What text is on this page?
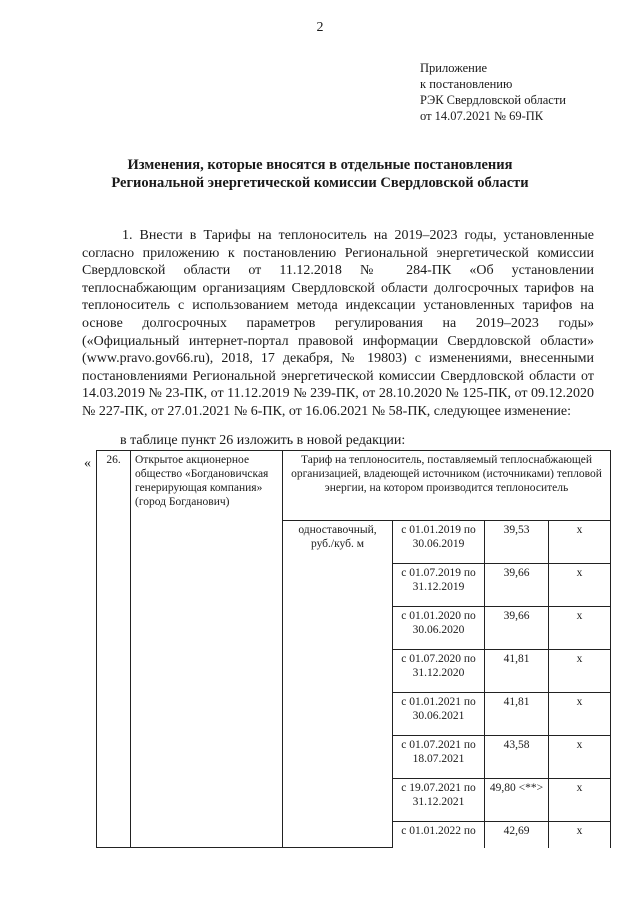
2
Приложение
к постановлению
РЭК Свердловской области
от 14.07.2021 № 69-ПК
Изменения, которые вносятся в отдельные постановления
Региональной энергетической комиссии Свердловской области

1. Внести в Тарифы на теплоноситель на 2019–2023 годы, установленные согласно приложению к постановлению Региональной энергетической комиссии Свердловской области от 11.12.2018 № 284-ПК «Об установлении теплоснабжающим организациям Свердловской области долгосрочных тарифов на теплоноситель с использованием метода индексации установленных тарифов на основе долгосрочных параметров регулирования на 2019–2023 годы» («Официальный интернет-портал правовой информации Свердловской области» (www.pravo.gov66.ru), 2018, 17 декабря, № 19803) с изменениями, внесенными постановлениями Региональной энергетической комиссии Свердловской области от 14.03.2019 № 23-ПК, от 11.12.2019 № 239-ПК, от 28.10.2020 № 125-ПК, от 09.12.2020 № 227-ПК, от 27.01.2021 № 6-ПК, от 16.06.2021 № 58-ПК, следующее изменение:

в таблице пункт 26 изложить в новой редакции:
« 26.	Открытое акционерное общество «Богдановичская генерирующая компания» (город Богданович)	Тариф на теплоноситель, поставляемый теплоснабжающей организацией, владеющей источником (источниками) тепловой энергии, на котором производится теплоноситель			
		одноставочный, руб./куб. м	с 01.01.2019 по 30.06.2019	39,53	х
			с 01.07.2019 по 31.12.2019	39,66	х
			с 01.01.2020 по 30.06.2020	39,66	х
			с 01.07.2020 по 31.12.2020	41,81	х
			с 01.01.2021 по 30.06.2021	41,81	х
			с 01.07.2021 по 18.07.2021	43,58	х
			с 19.07.2021 по 31.12.2021	49,80 <**>	х
			с 01.01.2022 по	42,69	х
